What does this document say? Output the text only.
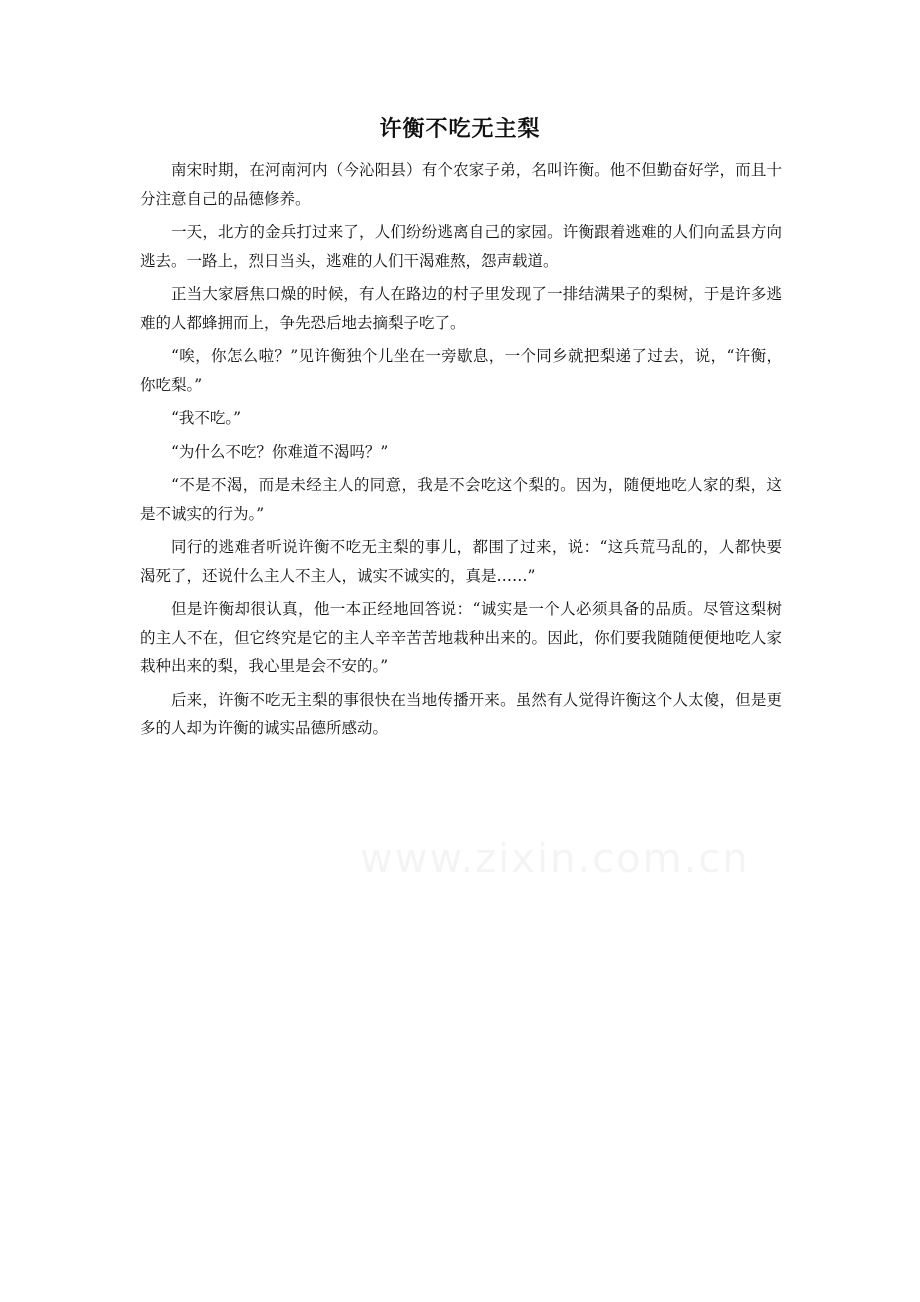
许衡不吃无主梨

南宋时期，在河南河内（今沁阳县）有个农家子弟，名叫许衡。他不但勤奋好学，而且十分注意自己的品德修养。

一天，北方的金兵打过来了，人们纷纷逃离自己的家园。许衡跟着逃难的人们向孟县方向逃去。一路上，烈日当头，逃难的人们干渴难熬，怨声载道。

正当大家唇焦口燥的时候，有人在路边的村子里发现了一排结满果子的梨树，于是许多逃难的人都蜂拥而上，争先恐后地去摘梨子吃了。

“唉，你怎么啦？”见许衡独个儿坐在一旁歇息，一个同乡就把梨递了过去，说，“许衡，你吃梨。”

“我不吃。”

“为什么不吃？你难道不渴吗？”

“不是不渴，而是未经主人的同意，我是不会吃这个梨的。因为，随便地吃人家的梨，这是不诚实的行为。”

同行的逃难者听说许衡不吃无主梨的事儿，都围了过来，说：“这兵荒马乱的，人都快要渴死了，还说什么主人不主人，诚实不诚实的，真是……”

但是许衡却很认真，他一本正经地回答说：“诚实是一个人必须具备的品质。尽管这梨树的主人不在，但它终究是它的主人辛辛苦苦地栽种出来的。因此，你们要我随随便便地吃人家栽种出来的梨，我心里是会不安的。”

后来，许衡不吃无主梨的事很快在当地传播开来。虽然有人觉得许衡这个人太傻，但是更多的人却为许衡的诚实品德所感动。
